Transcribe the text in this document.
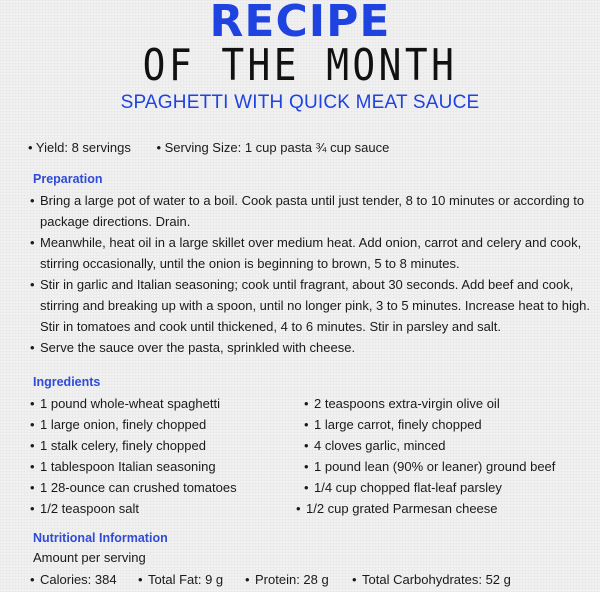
RECIPE
OF THE MONTH
SPAGHETTI WITH QUICK MEAT SAUCE
• Yield: 8 servings • Serving Size: 1 cup pasta ¾ cup sauce
Preparation
• Bring a large pot of water to a boil. Cook pasta until just tender, 8 to 10 minutes or according to package directions. Drain.
• Meanwhile, heat oil in a large skillet over medium heat. Add onion, carrot and celery and cook, stirring occasionally, until the onion is beginning to brown, 5 to 8 minutes.
• Stir in garlic and Italian seasoning; cook until fragrant, about 30 seconds. Add beef and cook, stirring and breaking up with a spoon, until no longer pink, 3 to 5 minutes. Increase heat to high. Stir in tomatoes and cook until thickened, 4 to 6 minutes. Stir in parsley and salt.
• Serve the sauce over the pasta, sprinkled with cheese.
Ingredients
• 1 pound whole-wheat spaghetti
• 1 large onion, finely chopped
• 1 stalk celery, finely chopped
• 1 tablespoon Italian seasoning
• 1 28-ounce can crushed tomatoes
• 1/2 teaspoon salt
• 2 teaspoons extra-virgin olive oil
• 1 large carrot, finely chopped
• 4 cloves garlic, minced
• 1 pound lean (90% or leaner) ground beef
• 1/4 cup chopped flat-leaf parsley
• 1/2 cup grated Parmesan cheese
Nutritional Information
Amount per serving
• Calories: 384	• Total Fat: 9 g	• Protein: 28 g	• Total Carbohydrates: 52 g
